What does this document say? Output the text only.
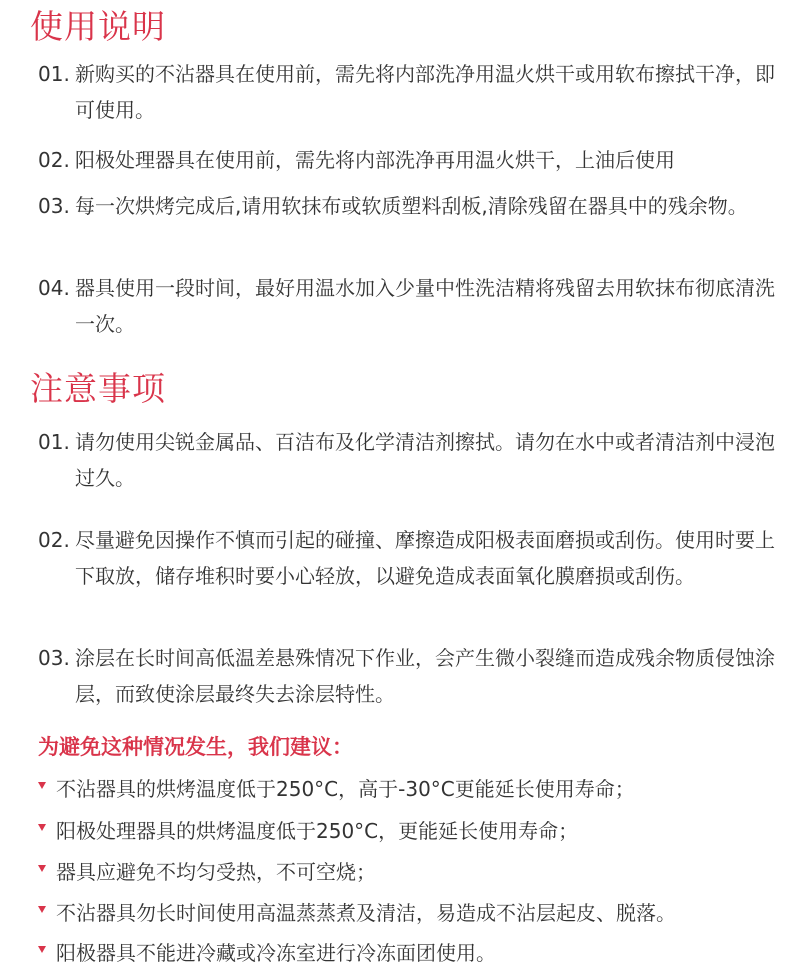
使用说明
01. 新购买的不沾器具在使用前，需先将内部洗净用温火烘干或用软布擦拭干净，即可使用。
02. 阳极处理器具在使用前，需先将内部洗净再用温火烘干，上油后使用
03. 每一次烘烤完成后,请用软抹布或软质塑料刮板,清除残留在器具中的残余物。
04. 器具使用一段时间，最好用温水加入少量中性洗洁精将残留去用软抹布彻底清洗一次。
注意事项
01. 请勿使用尖锐金属品、百洁布及化学清洁剂擦拭。请勿在水中或者清洁剂中浸泡过久。
02. 尽量避免因操作不慎而引起的碰撞、摩擦造成阳极表面磨损或刮伤。使用时要上下取放，储存堆积时要小心轻放，以避免造成表面氧化膜磨损或刮伤。
03. 涂层在长时间高低温差悬殊情况下作业，会产生微小裂缝而造成残余物质侵蚀涂层，而致使涂层最终失去涂层特性。
为避免这种情况发生，我们建议：
不沾器具的烘烤温度低于250°C，高于-30°C更能延长使用寿命；
阳极处理器具的烘烤温度低于250°C，更能延长使用寿命；
器具应避免不均匀受热，不可空烧；
不沾器具勿长时间使用高温蒸蒸煮及清洁，易造成不沾层起皮、脱落。
阳极器具不能进冷藏或冷冻室进行冷冻面团使用。
